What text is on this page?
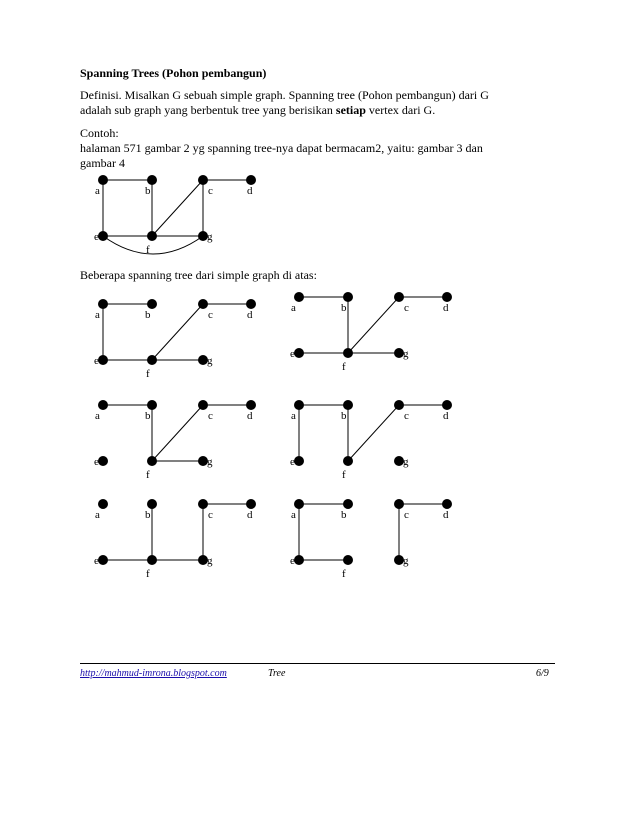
Spanning Trees (Pohon pembangun)
Definisi. Misalkan G sebuah simple graph. Spanning tree (Pohon pembangun) dari G
adalah sub graph yang berbentuk tree yang berisikan setiap vertex dari G.
Contoh:
halaman 571 gambar 2 yg spanning tree-nya dapat bermacam2, yaitu: gambar 3 dan
gambar 4
Beberapa spanning tree dari simple graph di atas:
a	b	c	d
e
f
g
a	b	c	d
e
f
g
a	b	c	d
e
f
g
a	b	c	d
e
f
g
a	b	c	d
e
f
g
a	b	c	d
e
f
g
a	b	c	d
e
f
g
http://mahmud-imrona.blogspot.com	Tree	6/9
